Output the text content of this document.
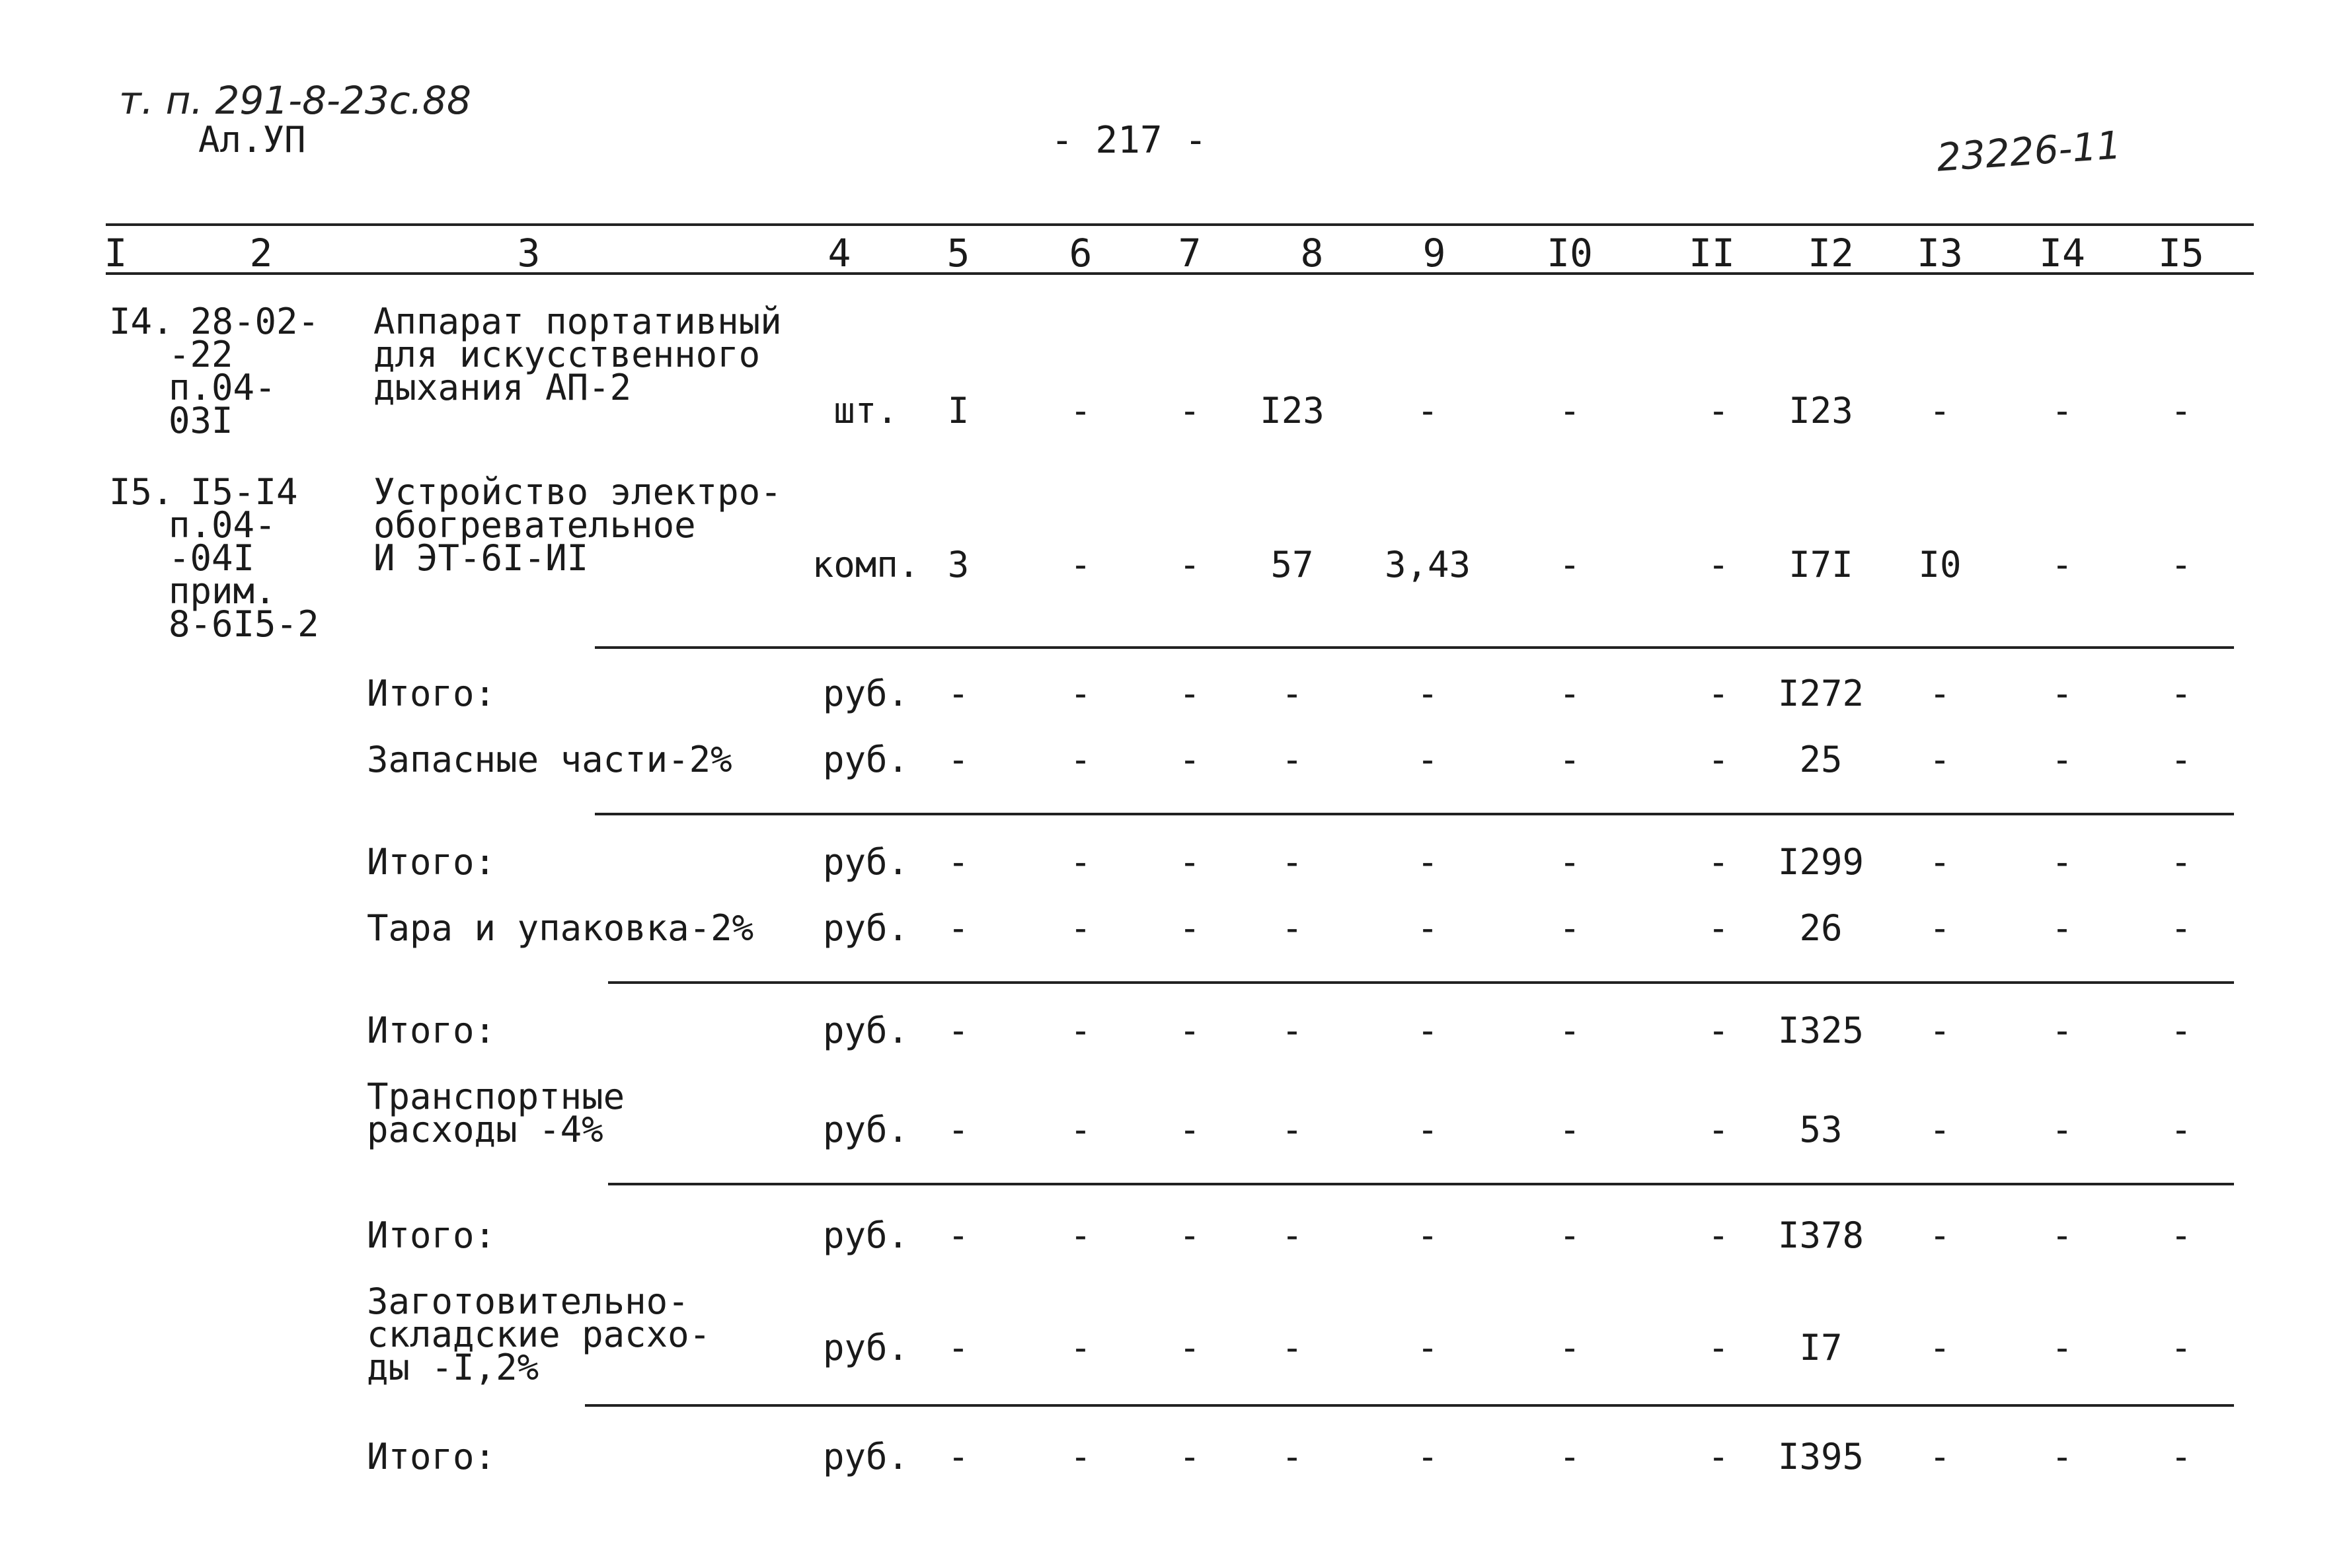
т. п. 291-8-23с.88
Ал.УП	- 217 -	23226-11
I	2	3	4	5	6	7	8	9	I0	II	I2	I3	I4	I5
I4. 28-02-
-22
п.04-
03I
Аппарат портативный
для искусственного
дыхания АП-2
шт.	I	-	-	I23	-	-	-	I23	-	-	-
I5. I5-I4
п.04-
-04I
прим.
8-6I5-2
Устройство электро-
обогревательное
И ЭТ-6I-ИI	комп. 3	-	-	57	3,43	-	-	I7I	I0	-	-
Итого:	руб.	-	-	-	-	-	-	-	I272	-	-	-
Запасные части-2%	руб.	-	-	-	-	-	-	-	25	-	-	-
Итого:	руб.	-	-	-	-	-	-	-	I299	-	-	-
Тара и упаковка-2%	руб.	-	-	-	-	-	-	-	26	-	-	-
Итого:	руб.	-	-	-	-	-	-	-	I325	-	-	-
Транспортные
расходы -4%	руб.	-	-	-	-	-	-	-	53	-	-	-
Итого:	руб.	-	-	-	-	-	-	-	I378	-	-	-
Заготовительно-
складские расхо-
ды -I,2%	руб.	-	-	-	-	-	-	-	I7	-	-	-
Итого:	руб.	-	-	-	-	-	-	-	I395	-	-	-
